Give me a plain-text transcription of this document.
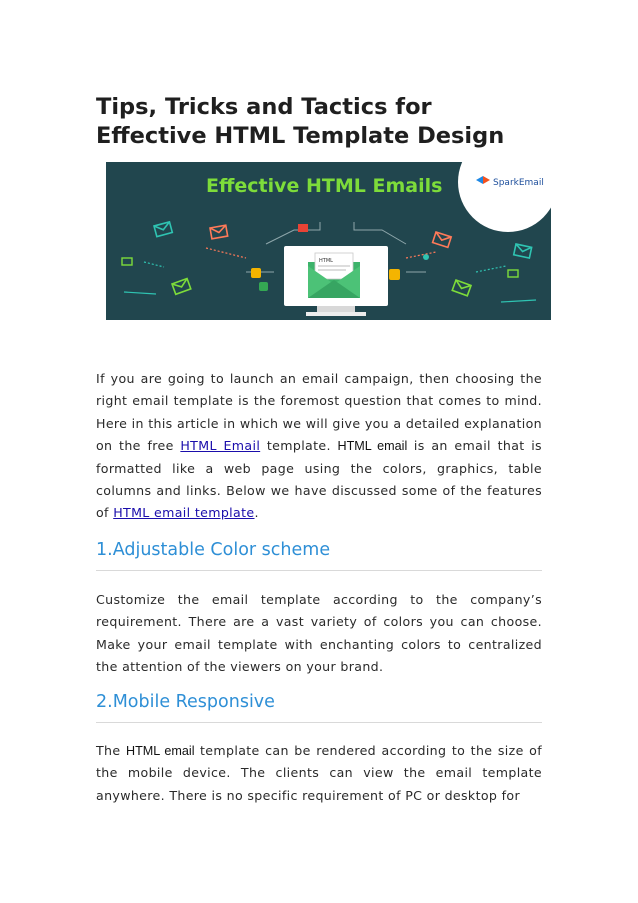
Tips, Tricks and Tactics for
Effective HTML Template Design
Effective HTML Emails	SparkEmail
HTML

If you are going to launch an email campaign, then choosing the right email template is the foremost question that comes to mind. Here in this article in which we will give you a detailed explanation on the free HTML Email template. HTML email is an email that is formatted like a web page using the colors, graphics, table columns and links. Below we have discussed some of the features of HTML email template.

1.Adjustable Color scheme

Customize the email template according to the company’s requirement. There are a vast variety of colors you can choose. Make your email template with enchanting colors to centralized the attention of the viewers on your brand.

2.Mobile Responsive

The HTML email template can be rendered according to the size of the mobile device. The clients can view the email template anywhere. There is no specific requirement of PC or desktop for
